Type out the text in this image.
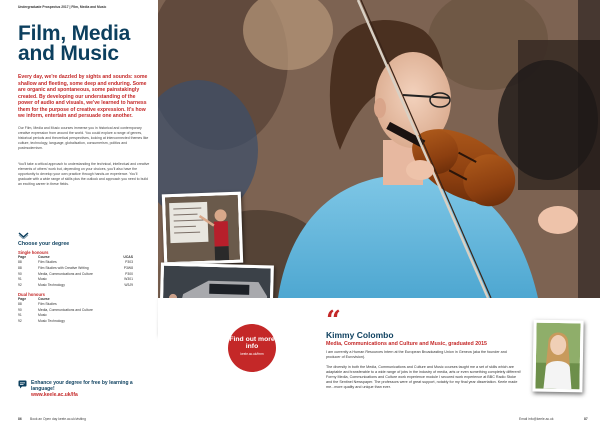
Undergraduate Prospectus 2017 | Film, Media and Music
Film, Media and Music

Every day, we're dazzled by sights and sounds: some shallow and fleeting, some deep and enduring. Some are organic and spontaneous, some painstakingly created. By developing our understanding of the power of audio and visuals, we've learned to harness them for the purpose of creative expression. It's how we inform, entertain and persuade one another.

Our Film, Media and Music courses immerse you in historical and contemporary creative expression from around the world. You could explore a range of genres, historical periods and theoretical perspectives, looking at interconnected themes like culture, technology, language, globalisation, consumerism, politics and postmodernism.

You'll take a critical approach to understanding the technical, intellectual and creative elements of others' work but, depending on your choices, you'll also have the opportunity to develop your own practice through hands-on experience. You'll graduate with a wide range of skills plus the outlook and approach you need to build an exciting career in these fields.

Choose your degree
Single honours
Page	Course	UCAS
88	Film Studies	P303
88	Film Studies with Creative Writing	P3W8
90	Media, Communications and Culture	P300
91	Music	W301
92	Music Technology	W3J9
Dual honours
Page	Course
88	Film Studies
90	Media, Communications and Culture
91	Music
92	Music Technology
Enhance your degree for free by learning a language!
www.keele.ac.uk/lfa
86	Book an Open day keele.ac.uk/visiting
“
Kimmy Colombo
Media, Communications and Culture and Music, graduated 2015

I am currently a Human Resources Intern at the European Broadcasting Union in Geneva (aka the founder and producer of Eurovision).

The diversity in both the Media, Communications and Culture and Music courses taught me a set of skills which are adaptable and transferable to a wide range of jobs in the industry of media, arts or even something completely different! Formy Media, Communications and Culture work experience module I secured work experience at BBC Radio Stoke and the Sentinel Newspaper. The professors were of great support, notably for my final year dissertation. Keele made me...more quality and unique than ever.

87
Find out more info
keele.ac.uk/fmm
Email info@keele.ac.uk
